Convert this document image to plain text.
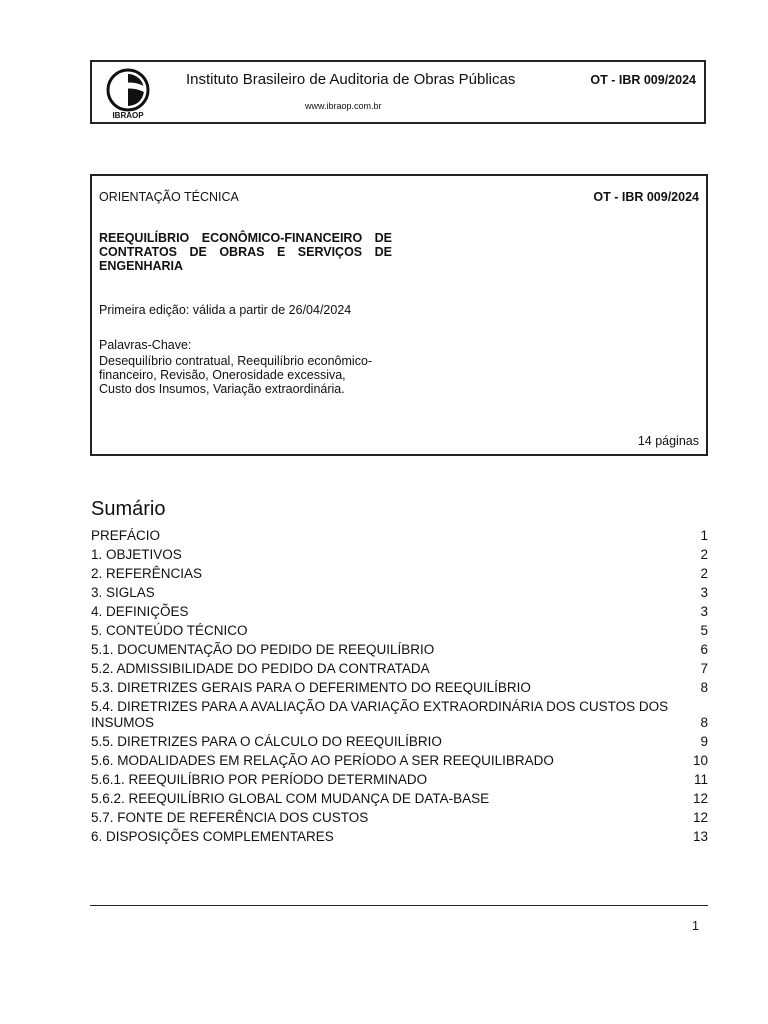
IBRAOP
Instituto Brasileiro de Auditoria de Obras Públicas
www.ibraop.com.br
OT - IBR 009/2024
ORIENTAÇÃO TÉCNICA	OT - IBR 009/2024
REEQUILÍBRIO ECONÔMICO-FINANCEIRO DE CONTRATOS DE OBRAS E SERVIÇOS DE ENGENHARIA
Primeira edição: válida a partir de 26/04/2024
Palavras-Chave:
Desequilíbrio contratual, Reequilíbrio econômico-financeiro, Revisão, Onerosidade excessiva, Custo dos Insumos, Variação extraordinária.
14 páginas
Sumário
PREFÁCIO	1
1. OBJETIVOS	2
2. REFERÊNCIAS	2
3. SIGLAS	3
4. DEFINIÇÕES	3
5. CONTEÚDO TÉCNICO	5
5.1. DOCUMENTAÇÃO DO PEDIDO DE REEQUILÍBRIO	6
5.2. ADMISSIBILIDADE DO PEDIDO DA CONTRATADA	7
5.3. DIRETRIZES GERAIS PARA O DEFERIMENTO DO REEQUILÍBRIO	8
5.4. DIRETRIZES PARA A AVALIAÇÃO DA VARIAÇÃO EXTRAORDINÁRIA DOS CUSTOS DOS INSUMOS	8
5.5. DIRETRIZES PARA O CÁLCULO DO REEQUILÍBRIO	9
5.6. MODALIDADES EM RELAÇÃO AO PERÍODO A SER REEQUILIBRADO	10
5.6.1. REEQUILÍBRIO POR PERÍODO DETERMINADO	11
5.6.2. REEQUILÍBRIO GLOBAL COM MUDANÇA DE DATA-BASE	12
5.7. FONTE DE REFERÊNCIA DOS CUSTOS	12
6. DISPOSIÇÕES COMPLEMENTARES	13
1
